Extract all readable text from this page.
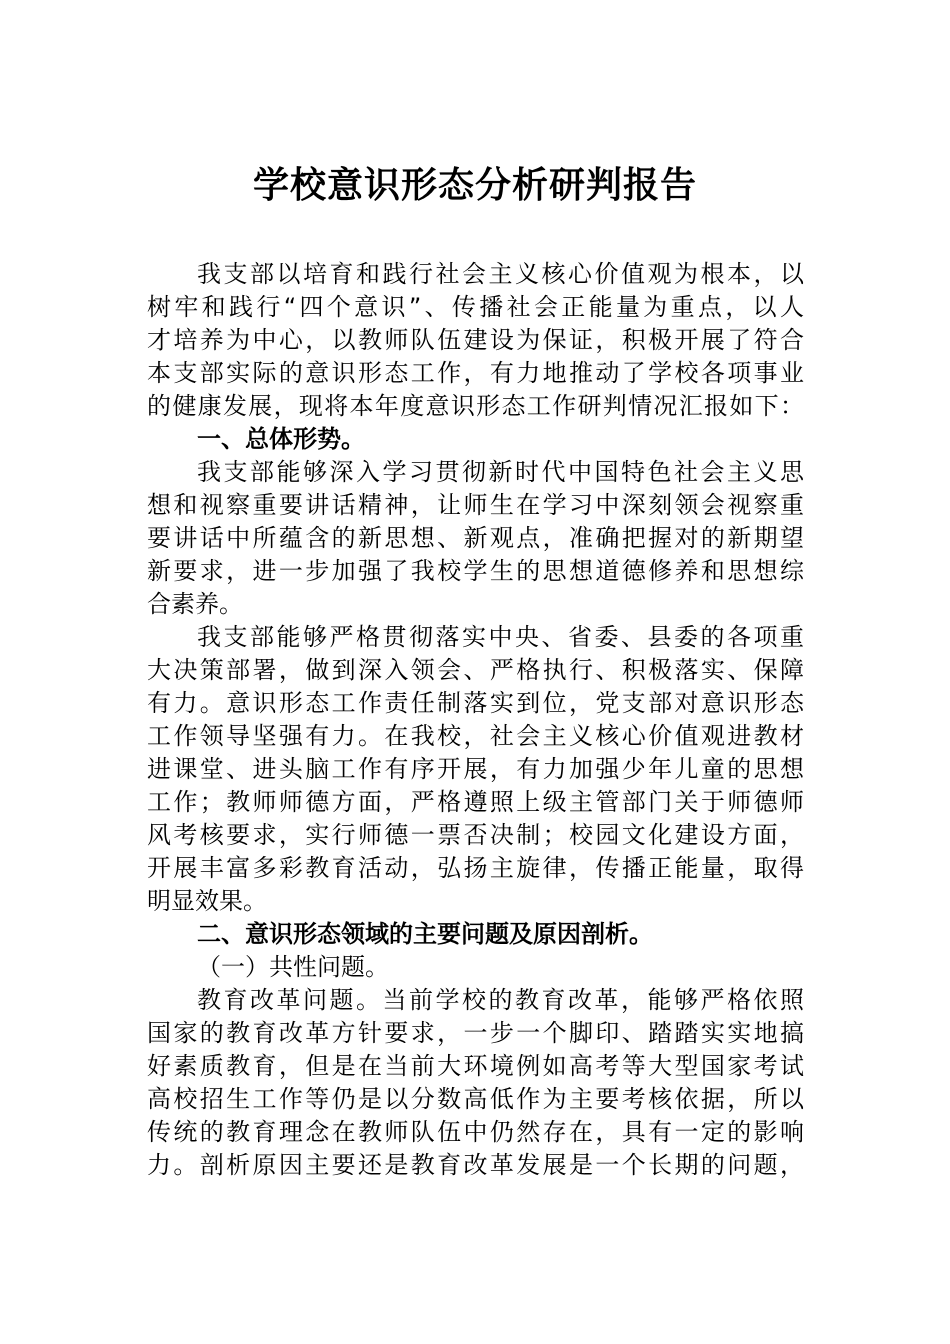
学校意识形态分析研判报告
我支部以培育和践行社会主义核心价值观为根本，以
树牢和践行“四个意识”、传播社会正能量为重点，以人
才培养为中心，以教师队伍建设为保证，积极开展了符合
本支部实际的意识形态工作，有力地推动了学校各项事业
的健康发展，现将本年度意识形态工作研判情况汇报如下：
一、总体形势。
我支部能够深入学习贯彻新时代中国特色社会主义思
想和视察重要讲话精神，让师生在学习中深刻领会视察重
要讲话中所蕴含的新思想、新观点，准确把握对的新期望
新要求，进一步加强了我校学生的思想道德修养和思想综
合素养。
我支部能够严格贯彻落实中央、省委、县委的各项重
大决策部署，做到深入领会、严格执行、积极落实、保障
有力。意识形态工作责任制落实到位，党支部对意识形态
工作领导坚强有力。在我校，社会主义核心价值观进教材
进课堂、进头脑工作有序开展，有力加强少年儿童的思想
工作；教师师德方面，严格遵照上级主管部门关于师德师
风考核要求，实行师德一票否决制；校园文化建设方面，
开展丰富多彩教育活动，弘扬主旋律，传播正能量，取得
明显效果。
二、意识形态领域的主要问题及原因剖析。
（一）共性问题。
教育改革问题。当前学校的教育改革，能够严格依照
国家的教育改革方针要求，一步一个脚印、踏踏实实地搞
好素质教育，但是在当前大环境例如高考等大型国家考试
高校招生工作等仍是以分数高低作为主要考核依据，所以
传统的教育理念在教师队伍中仍然存在，具有一定的影响
力。剖析原因主要还是教育改革发展是一个长期的问题，
